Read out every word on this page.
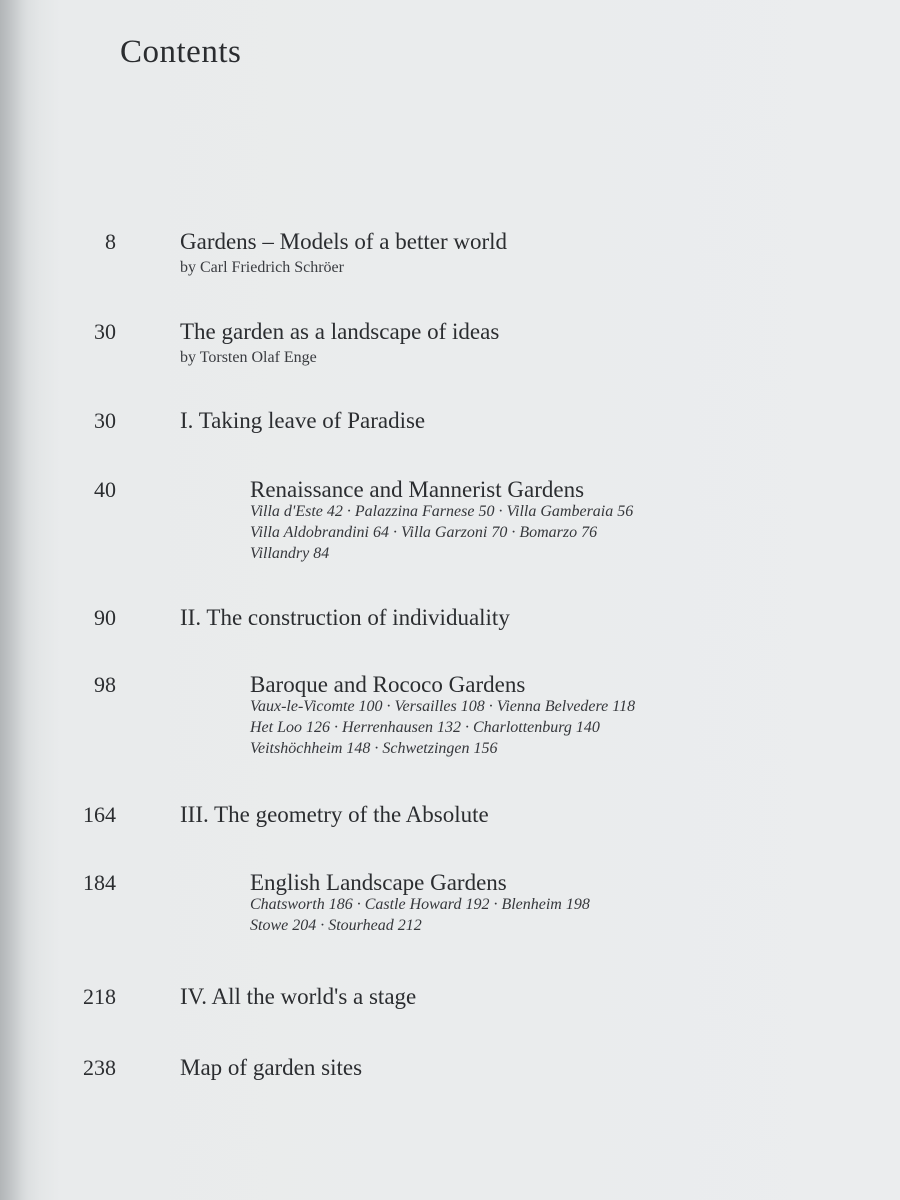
Contents
8	Gardens – Models of a better world
by Carl Friedrich Schröer
30	The garden as a landscape of ideas
by Torsten Olaf Enge
30	I. Taking leave of Paradise
40	Renaissance and Mannerist Gardens
Villa d'Este 42 · Palazzina Farnese 50 · Villa Gamberaia 56
Villa Aldobrandini 64 · Villa Garzoni 70 · Bomarzo 76
Villandry 84
90	II. The construction of individuality
98	Baroque and Rococo Gardens
Vaux-le-Vicomte 100 · Versailles 108 · Vienna Belvedere 118
Het Loo 126 · Herrenhausen 132 · Charlottenburg 140
Veitshöchheim 148 · Schwetzingen 156
164	III. The geometry of the Absolute
184	English Landscape Gardens
Chatsworth 186 · Castle Howard 192 · Blenheim 198
Stowe 204 · Stourhead 212
218	IV. All the world's a stage
238	Map of garden sites
